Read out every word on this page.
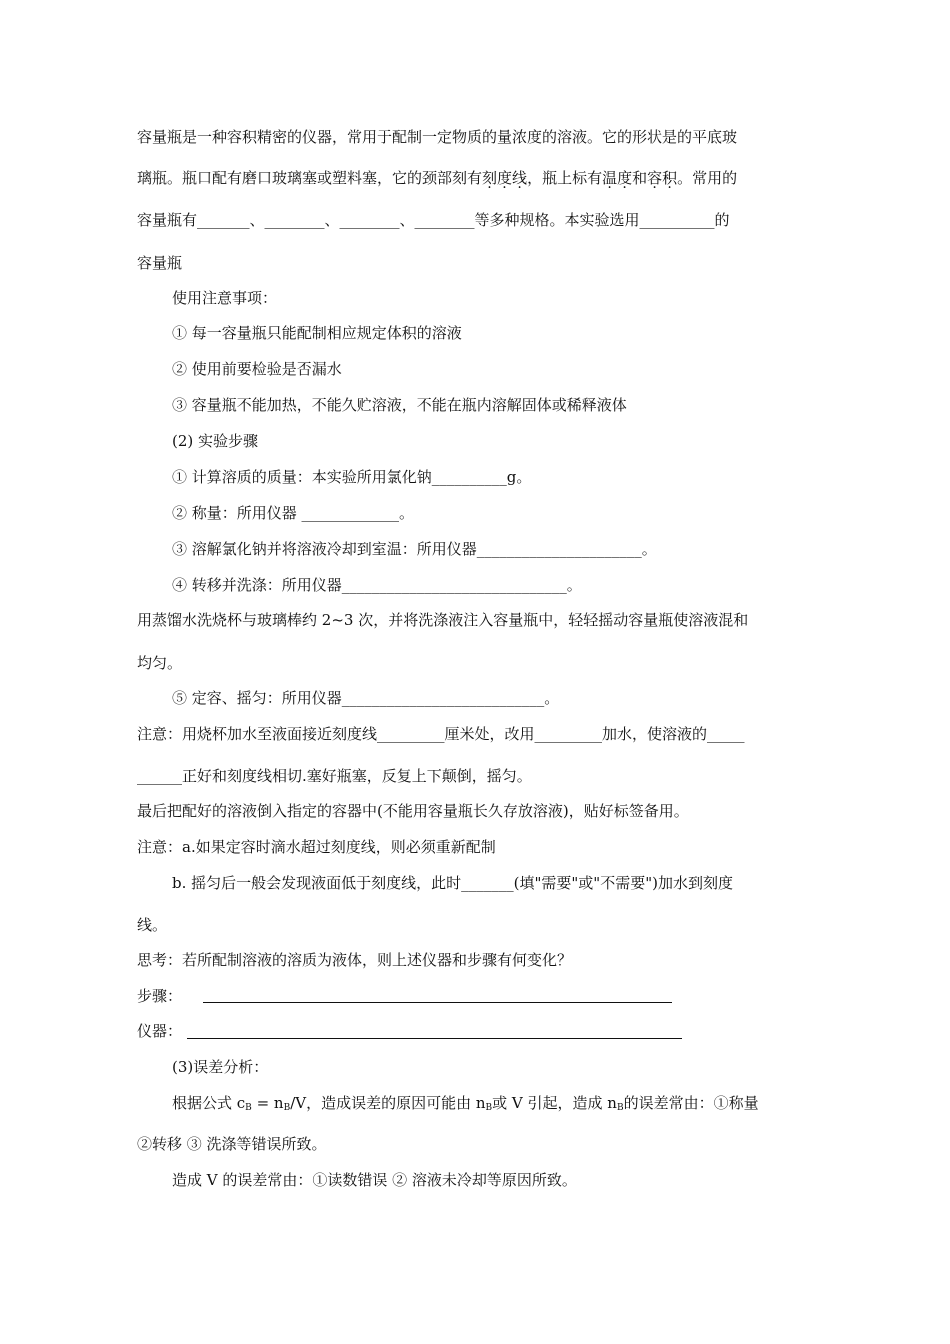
容量瓶是一种容积精密的仪器，常用于配制一定物质的量浓度的溶液。它的形状是的平底玻
璃瓶。瓶口配有磨口玻璃塞或塑料塞，它的颈部刻有刻度线，瓶上标有温度和容积。常用的
容量瓶有_______、________、________、________等多种规格。本实验选用__________的
容量瓶
使用注意事项：
① 每一容量瓶只能配制相应规定体积的溶液
② 使用前要检验是否漏水
③ 容量瓶不能加热，不能久贮溶液，不能在瓶内溶解固体或稀释液体
(2) 实验步骤
① 计算溶质的质量：本实验所用氯化钠__________g。
② 称量：所用仪器 _____________。
③ 溶解氯化钠并将溶液冷却到室温：所用仪器______________________。
④ 转移并洗涤：所用仪器______________________________。
用蒸馏水洗烧杯与玻璃棒约 2~3 次，并将洗涤液注入容量瓶中，轻轻摇动容量瓶使溶液混和
均匀。
⑤ 定容、摇匀：所用仪器___________________________。
注意：用烧杯加水至液面接近刻度线_________厘米处，改用_________加水，使溶液的_____
______正好和刻度线相切.塞好瓶塞，反复上下颠倒，摇匀。
最后把配好的溶液倒入指定的容器中(不能用容量瓶长久存放溶液)，贴好标签备用。
注意：a.如果定容时滴水超过刻度线，则必须重新配制
b. 摇匀后一般会发现液面低于刻度线，此时_______(填"需要"或"不需要")加水到刻度
线。
思考：若所配制溶液的溶质为液体，则上述仪器和步骤有何变化？
步骤：
仪器：
(3)误差分析：
根据公式 $c_B = n_B/V$，造成误差的原因可能由 $n_B$或 V 引起，造成 $n_B$的误差常由：①称量
②转移 ③ 洗涤等错误所致。
造成 V 的误差常由：①读数错误 ② 溶液未冷却等原因所致。
